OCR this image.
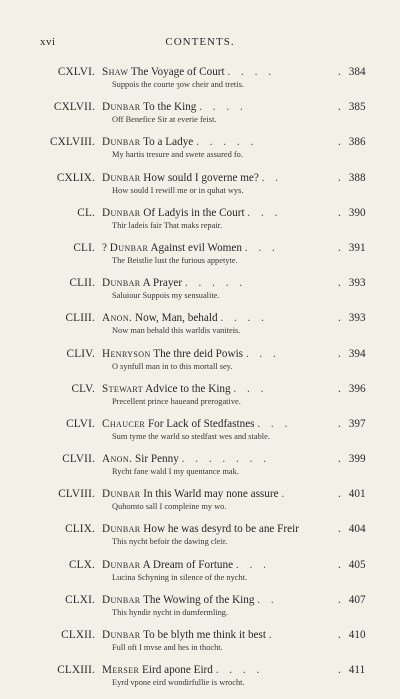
xvi	CONTENTS.
CXLVI. Shaw The Voyage of Court . . . .	. 384
Suppois the courte ȝow cheir and tretis.
CXLVII. Dunbar To the King . . . .	. 385
Off Benefice Sir at everie feist.
CXLVIII. Dunbar To a Ladye . . . . .	. 386
My hartis tresure and swete assured fo.
CXLIX. Dunbar How sould I governe me? . .	. 388
How sould I rewill me or in quhat wys.
CL. Dunbar Of Ladyis in the Court . . .	. 390
Thir ladeis fair That maks repair.
CLI. ? Dunbar Against evil Women . . .	. 391
The Beistlie lust the furious appetyte.
CLII. Dunbar A Prayer . . . . .	. 393
Saluiour Suppois my sensualite.
CLIII. Anon. Now, Man, behald . . . .	. 393
Now man behald this warldis vaniteis.
CLIV. Henryson The thre deid Powis . . .	. 394
O synfull man in to this mortall sey.
CLV. Stewart Advice to the King . . .	. 396
Precellent prince haueand prerogative.
CLVI. Chaucer For Lack of Stedfastnes . . .	. 397
Sum tyme the warld so stedfast wes and stable.
CLVII. Anon. Sir Penny . . . . . . .	. 399
Rycht fane wald I my quentance mak.
CLVIII. Dunbar In this Warld may none assure .	. 401
Quhomto sall I compleine my wo.
CLIX. Dunbar How he was desyrd to be ane Freir	. 404
This nycht befoir the dawing cleir.
CLX. Dunbar A Dream of Fortune . . .	. 405
Lucina Schyning in silence of the nycht.
CLXI. Dunbar The Wowing of the King . .	. 407
This hyndir nycht in dumfermling.
CLXII. Dunbar To be blyth me think it best .	. 410
Full oft I mvse and hes in thocht.
CLXIII. Merser Eird apone Eird . . . .	. 411
Eyrd vpone eird wondirfullie is wrocht.
